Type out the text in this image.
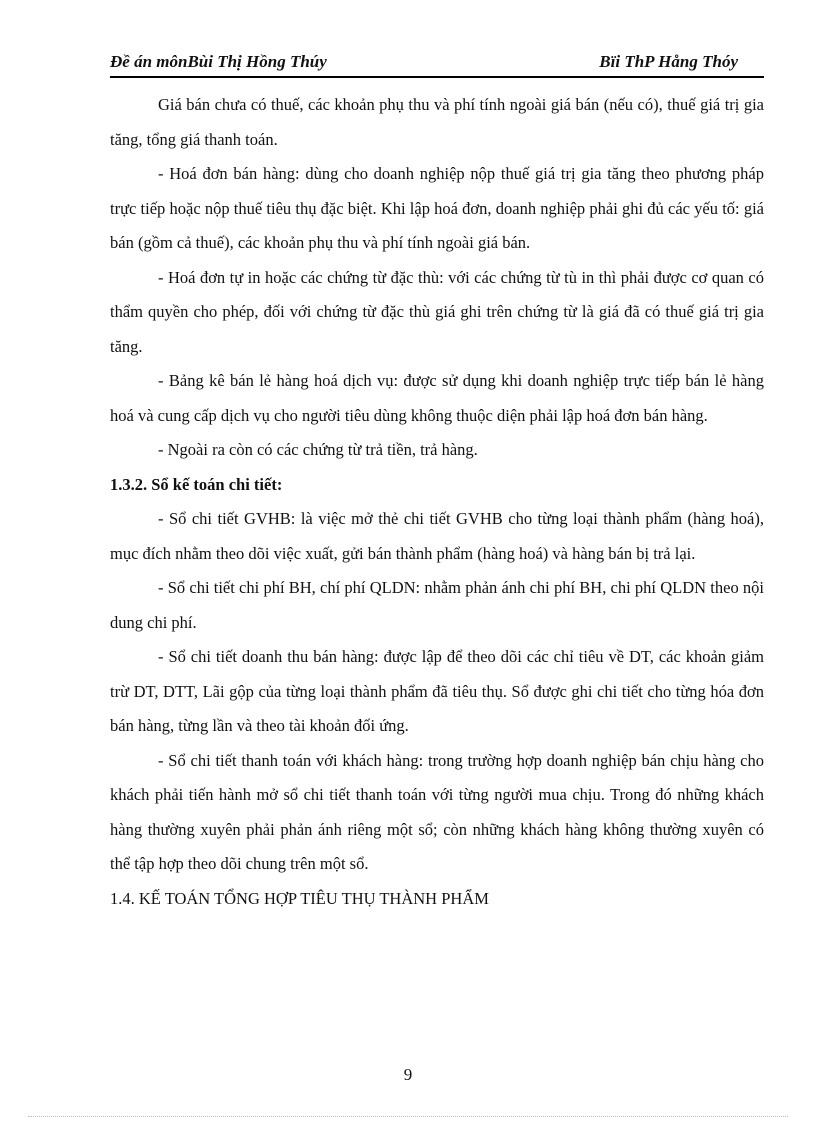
Đề án mônBùi Thị Hồng Thúy	Bïi ThP Hång Thóy

Giá bán chưa có thuế, các khoản phụ thu và phí tính ngoài giá bán (nếu có), thuế giá trị gia tăng, tổng giá thanh toán.

- Hoá đơn bán hàng: dùng cho doanh nghiệp nộp thuế giá trị gia tăng theo phương pháp trực tiếp hoặc nộp thuế tiêu thụ đặc biệt. Khi lập hoá đơn, doanh nghiệp phải ghi đủ các yếu tố: giá bán (gồm cả thuế), các khoản phụ thu và phí tính ngoài giá bán.

- Hoá đơn tự in hoặc các chứng từ đặc thù: với các chứng từ tù in thì phải được cơ quan có thẩm quyền cho phép, đối với chứng từ đặc thù giá ghi trên chứng từ là giá đã có thuế giá trị gia tăng.

- Bảng kê bán lẻ hàng hoá dịch vụ: được sử dụng khi doanh nghiệp trực tiếp bán lẻ hàng hoá và cung cấp dịch vụ cho người tiêu dùng không thuộc diện phải lập hoá đơn bán hàng.

- Ngoài ra còn có các chứng từ trả tiền, trả hàng.

1.3.2. Sổ kế toán chi tiết:

- Sổ chi tiết GVHB: là việc mở thẻ chi tiết GVHB cho từng loại thành phẩm (hàng hoá), mục đích nhằm theo dõi việc xuất, gửi bán thành phẩm (hàng hoá) và hàng bán bị trả lại.

- Sổ chi tiết chi phí BH, chí phí QLDN: nhằm phản ánh chi phí BH, chi phí QLDN theo nội dung chi phí.

- Sổ chi tiết doanh thu bán hàng: được lập để theo dõi các chỉ tiêu về DT, các khoản giảm trừ DT, DTT, Lãi gộp của từng loại thành phẩm đã tiêu thụ. Sổ được ghi chi tiết cho từng hóa đơn bán hàng, từng lần và theo tài khoản đối ứng.

- Sổ chi tiết thanh toán với khách hàng: trong trường hợp doanh nghiệp bán chịu hàng cho khách phải tiến hành mở sổ chi tiết thanh toán với từng người mua chịu. Trong đó những khách hàng thường xuyên phải phản ánh riêng một sổ; còn những khách hàng không thường xuyên có thể tập hợp theo dõi chung trên một sổ.

1.4. KẾ TOÁN TỔNG HỢP TIÊU THỤ THÀNH PHẨM

9
